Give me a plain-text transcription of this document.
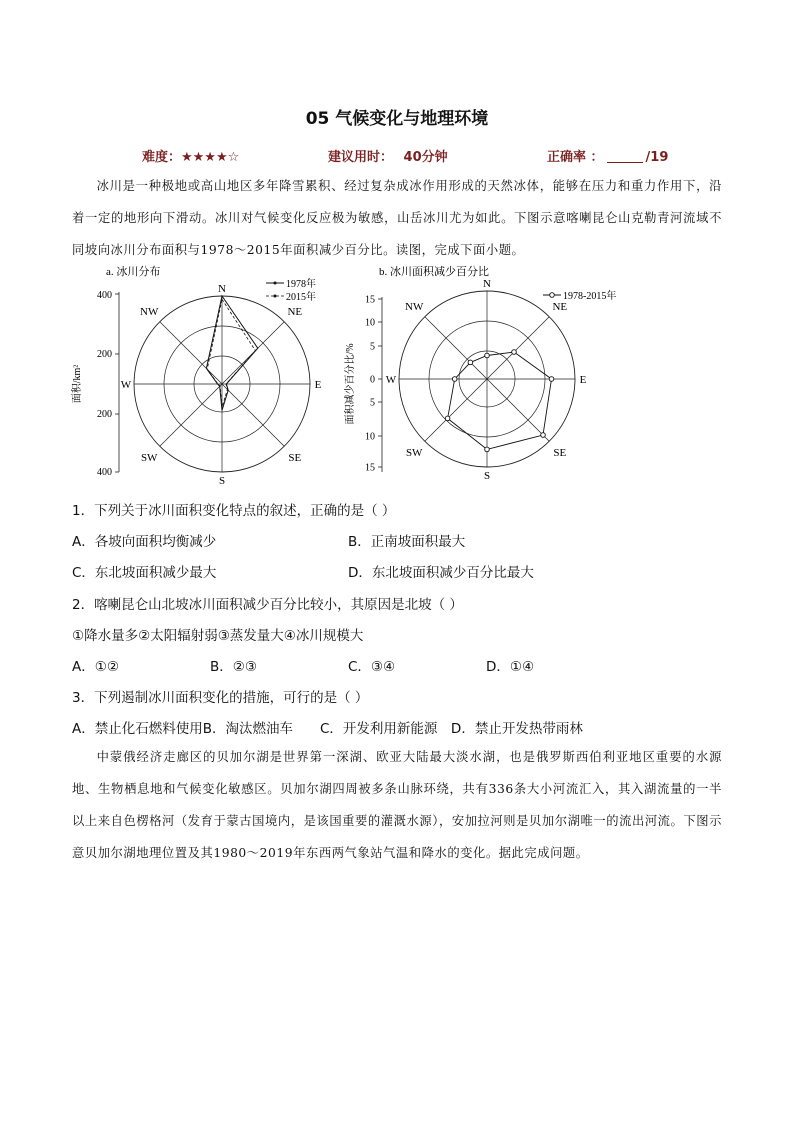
05 气候变化与地理环境
难度：★★★★☆	建议用时： 40分钟	正确率 ：	/19
冰川是一种极地或高山地区多年降雪累积、经过复杂成冰作用形成的天然冰体，能够在压力和重力作用下，沿着一定的地形向下滑动。冰川对气候变化反应极为敏感，山岳冰川尤为如此。下图示意喀喇昆仑山克勒青河流域不同坡向冰川分布面积与1978～2015年面积减少百分比。读图，完成下面小题。
a. 冰川分布
400
200
200
400
面积/km²
N
NE
E
SE
S
SW
W
NW
1978年
2015年
b. 冰川面积减少百分比
15
10
5
0
5
10
15
面积减少百分比/%
N
NE
E
SE
S
SW
W
NW
1978-2015年
1．下列关于冰川面积变化特点的叙述，正确的是（ ）
A．各坡向面积均衡减少	B．正南坡面积最大
C．东北坡面积减少最大	D．东北坡面积减少百分比最大
2．喀喇昆仑山北坡冰川面积减少百分比较小，其原因是北坡（ ）
①降水量多②太阳辐射弱③蒸发量大④冰川规模大
A．①②	B．②③	C．③④	D．①④
3．下列遏制冰川面积变化的措施，可行的是（ ）
A．禁止化石燃料使用B．淘汰燃油车　　C．开发利用新能源　D．禁止开发热带雨林
中蒙俄经济走廊区的贝加尔湖是世界第一深湖、欧亚大陆最大淡水湖，也是俄罗斯西伯利亚地区重要的水源地、生物栖息地和气候变化敏感区。贝加尔湖四周被多条山脉环绕，共有336条大小河流汇入，其入湖流量的一半以上来自色楞格河（发育于蒙古国境内，是该国重要的灌溉水源），安加拉河则是贝加尔湖唯一的流出河流。下图示意贝加尔湖地理位置及其1980～2019年东西两气象站气温和降水的变化。据此完成问题。
